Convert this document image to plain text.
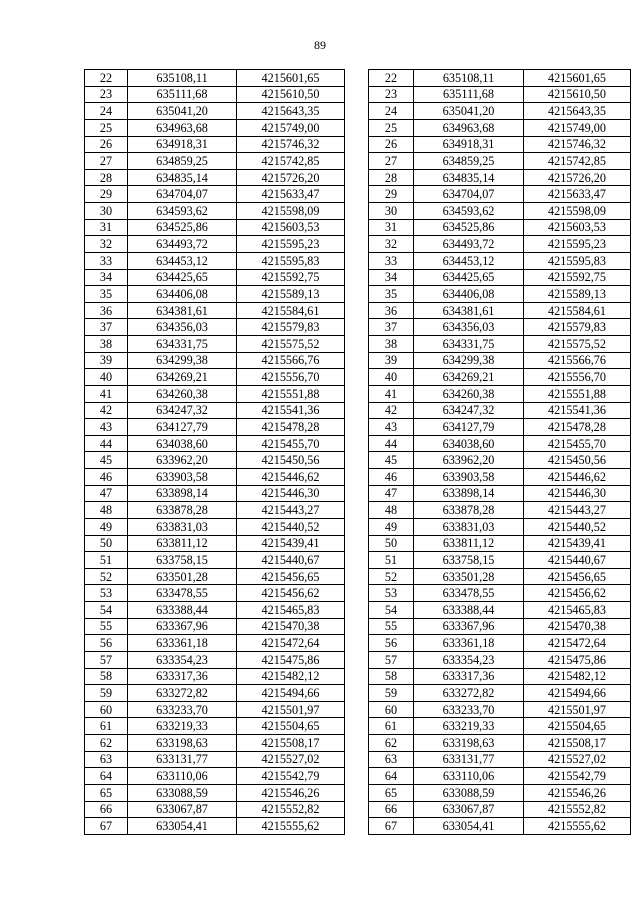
89
22	635108,11	4215601,65
23	635111,68	4215610,50
24	635041,20	4215643,35
25	634963,68	4215749,00
26	634918,31	4215746,32
27	634859,25	4215742,85
28	634835,14	4215726,20
29	634704,07	4215633,47
30	634593,62	4215598,09
31	634525,86	4215603,53
32	634493,72	4215595,23
33	634453,12	4215595,83
34	634425,65	4215592,75
35	634406,08	4215589,13
36	634381,61	4215584,61
37	634356,03	4215579,83
38	634331,75	4215575,52
39	634299,38	4215566,76
40	634269,21	4215556,70
41	634260,38	4215551,88
42	634247,32	4215541,36
43	634127,79	4215478,28
44	634038,60	4215455,70
45	633962,20	4215450,56
46	633903,58	4215446,62
47	633898,14	4215446,30
48	633878,28	4215443,27
49	633831,03	4215440,52
50	633811,12	4215439,41
51	633758,15	4215440,67
52	633501,28	4215456,65
53	633478,55	4215456,62
54	633388,44	4215465,83
55	633367,96	4215470,38
56	633361,18	4215472,64
57	633354,23	4215475,86
58	633317,36	4215482,12
59	633272,82	4215494,66
60	633233,70	4215501,97
61	633219,33	4215504,65
62	633198,63	4215508,17
63	633131,77	4215527,02
64	633110,06	4215542,79
65	633088,59	4215546,26
66	633067,87	4215552,82
67	633054,41	4215555,62
22	635108,11	4215601,65
23	635111,68	4215610,50
24	635041,20	4215643,35
25	634963,68	4215749,00
26	634918,31	4215746,32
27	634859,25	4215742,85
28	634835,14	4215726,20
29	634704,07	4215633,47
30	634593,62	4215598,09
31	634525,86	4215603,53
32	634493,72	4215595,23
33	634453,12	4215595,83
34	634425,65	4215592,75
35	634406,08	4215589,13
36	634381,61	4215584,61
37	634356,03	4215579,83
38	634331,75	4215575,52
39	634299,38	4215566,76
40	634269,21	4215556,70
41	634260,38	4215551,88
42	634247,32	4215541,36
43	634127,79	4215478,28
44	634038,60	4215455,70
45	633962,20	4215450,56
46	633903,58	4215446,62
47	633898,14	4215446,30
48	633878,28	4215443,27
49	633831,03	4215440,52
50	633811,12	4215439,41
51	633758,15	4215440,67
52	633501,28	4215456,65
53	633478,55	4215456,62
54	633388,44	4215465,83
55	633367,96	4215470,38
56	633361,18	4215472,64
57	633354,23	4215475,86
58	633317,36	4215482,12
59	633272,82	4215494,66
60	633233,70	4215501,97
61	633219,33	4215504,65
62	633198,63	4215508,17
63	633131,77	4215527,02
64	633110,06	4215542,79
65	633088,59	4215546,26
66	633067,87	4215552,82
67	633054,41	4215555,62
